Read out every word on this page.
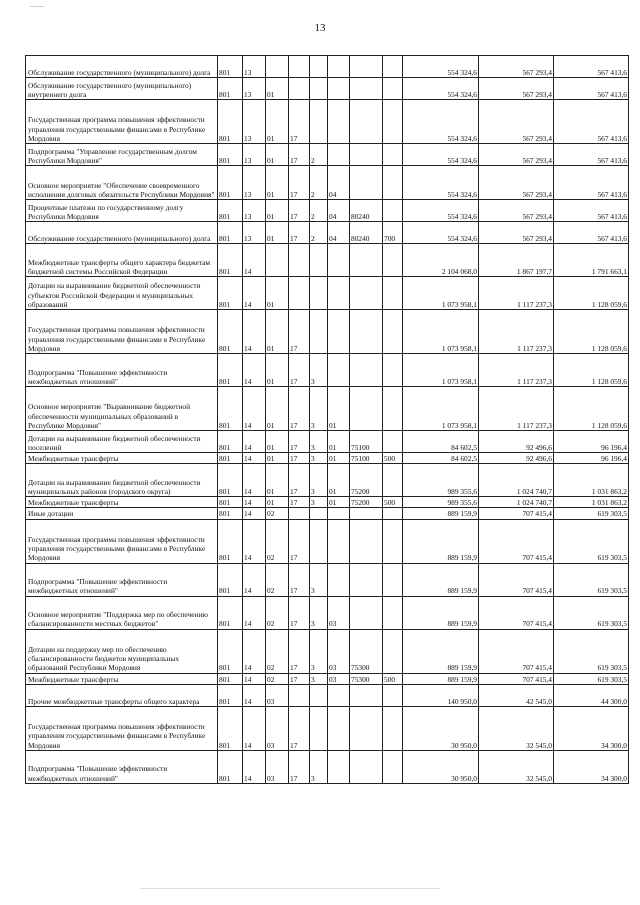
13
Обслуживание государственного (муниципального) долга	801	13							554 324,6	567 293,4	567 413,6
Обслуживание государственного (муниципального) внутреннего долга	801	13	01						554 324,6	567 293,4	567 413,6
Государственная программа повышения эффективности управления государственными финансами в Республике Мордовия	801	13	01	17					554 324,6	567 293,4	567 413,6
Подпрограмма "Управление государственным долгом Республики Мордовия"	801	13	01	17	2				554 324,6	567 293,4	567 413,6
Основное мероприятие "Обеспечение своевременного исполнения долговых обязательств Республики Мордовия"	801	13	01	17	2	04			554 324,6	567 293,4	567 413,6
Процентные платежи по государственному долгу Республики Мордовия	801	13	01	17	2	04	80240		554 324,6	567 293,4	567 413,6
Обслуживание государственного (муниципального) долга	801	13	01	17	2	04	80240	700	554 324,6	567 293,4	567 413,6
Межбюджетные трансферты общего характера бюджетам бюджетной системы Российской Федерации	801	14							2 104 068,0	1 867 197,7	1 791 663,1
Дотации на выравнивание бюджетной обеспеченности субъектов Российской Федерации и муниципальных образований	801	14	01						1 073 958,1	1 117 237,3	1 128 059,6
Государственная программа повышения эффективности управления государственными финансами в Республике Мордовия	801	14	01	17					1 073 958,1	1 117 237,3	1 128 059,6
Подпрограмма "Повышение эффективности межбюджетных отношений"	801	14	01	17	3				1 073 958,1	1 117 237,3	1 128 059,6
Основное мероприятие "Выравнивание бюджетной обеспеченности муниципальных образований в Республике Мордовия"	801	14	01	17	3	01			1 073 958,1	1 117 237,3	1 128 059,6
Дотации на выравнивание бюджетной обеспеченности поселений	801	14	01	17	3	01	75100		84 602,5	92 496,6	96 196,4
Межбюджетные трансферты	801	14	01	17	3	01	75100	500	84 602,5	92 496,6	96 196,4
Дотации на выравнивание бюджетной обеспеченности муниципальных районов (городского округа)	801	14	01	17	3	01	75200		989 355,6	1 024 740,7	1 031 863,2
Межбюджетные трансферты	801	14	01	17	3	01	75200	500	989 355,6	1 024 740,7	1 031 863,2
Иные дотации	801	14	02						889 159,9	707 415,4	619 303,5
Государственная программа повышения эффективности управления государственными финансами в Республике Мордовия	801	14	02	17					889 159,9	707 415,4	619 303,5
Подпрограмма "Повышение эффективности межбюджетных отношений"	801	14	02	17	3				889 159,9	707 415,4	619 303,5
Основное мероприятие "Поддержка мер по обеспечению сбалансированности местных бюджетов"	801	14	02	17	3	03			889 159,9	707 415,4	619 303,5
Дотации на поддержку мер по обеспечению сбалансированности бюджетов муниципальных образований Республики Мордовия	801	14	02	17	3	03	75300		889 159,9	707 415,4	619 303,5
Межбюджетные трансферты	801	14	02	17	3	03	75300	500	889 159,9	707 415,4	619 303,5
Прочие межбюджетные трансферты общего характера	801	14	03						140 950,0	42 545,0	44 300,0
Государственная программа повышения эффективности управления государственными финансами в Республике Мордовия	801	14	03	17					30 950,0	32 545,0	34 300,0
Подпрограмма "Повышение эффективности межбюджетных отношений"	801	14	03	17	3				30 950,0	32 545,0	34 300,0
